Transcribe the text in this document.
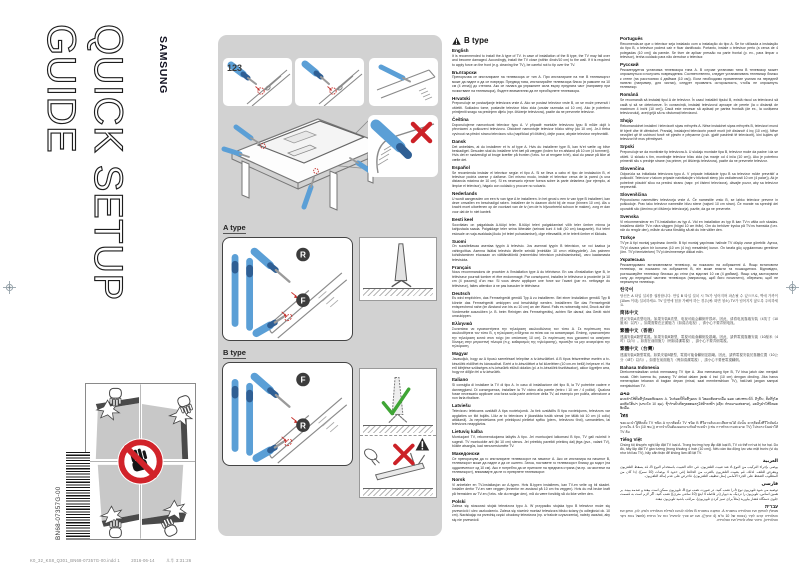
QUICK SETUP
GUIDE	SAMSUNG	123
A type
R
F
B type
F
R
BN68-07357G-00
B type
English
It is recommended to install the A type of TV. In case of installation of the B type, the TV may fall over and become damaged. Accordingly, install the TV close (within 4inch/10 cm) to the wall. If it is required to apply force on the front (e.g. cleaning the TV), be careful not to tip over the TV.
Български
Препоръчва се инсталиране на телевизора от тип A. При инсталиране на тип B телевизорът може да падне и да се повреди. Предвид това, инсталирайте телевизора близо (в рамките на 10 см (4 инча)) до стената. Ако се налага да упражните сила върху предната част (например при почистване на телевизора), бъдете внимателни да не преобърнете телевизора.
Hrvatski
Preporučuje se postavljanje televizora vrste A. Ako se postavi televizor vrste B, on se može prevrnuti i oštetiti. Sukladno tome, postavite televizor blizu zida (unutar razmaka od 10 cm). Ako je potrebno primijeniti snagu na prednjem dijelu (npr. čišćenje televizora), pazite da ne prevrnete televizor.
Čeština
Doporučujeme namontovat televizor typu A. V případě montáže televizoru typu B může dojít k převrácení a poškození televizoru. Obdobně namontujte televizor blízko stěny (do 10 cm). Je-li třeba vyvinout na přední stranu televizoru sílu (například při čištění), dejte pozor, abyste televizor nepřevrátili.
Dansk
Det anbefales, at du installerer et tv af type A. Hvis du installerer type B, kan tv'et vælte og blive beskadiget. Desuden skal du installere tv'et tæt på væggen (inden for en afstand på 10 cm (4 tommer)). Hvis det er nødvendigt at bruge kræfter på fronten (f.eks. for at rengøre tv'et), skal du passe på ikke at vælte det.
Español
Se recomienda instalar el televisor según el tipo A. Si se lleva a cabo el tipo de instalación B, el televisor podría caerse y dañarse. Del mismo modo, instale el televisor cerca de la pared (a una distancia máxima de 10 cm). Si es necesario ejercer fuerza sobre la parte delantera (por ejemplo, al limpiar el televisor), hágalo con cuidado y procure no volcarlo.
Nederlands
U wordt aangeraden om een tv van type A te installeren. In het geval u een tv van type B installeert, kan deze omvallen en beschadigd raken. Installeer de tv daarom dicht bij de muur (binnen 10 cm). Als u kracht moet uitoefenen op de voorkant van de tv (om de tv bijvoorbeeld schoon te maken), zorg er dan voor dat de tv niet kantelt.
Eesti keel
Soovitatav on paigaldada A-tüüpi teler. B-tüüpi teleri paigaldamisel võib teler ümber minna ja kahjustada saada. Paigaldage teler seina lähedale (seinast kuni 4 tolli (10 cm) kaugusele). Kui teleri esiosale on vaja avaldada jõudu (nt teleri puhastamisel), olge ettevaatlik, et te telerit ümber ei lükkaks.
Suomi
On suositeltavaa asentaa tyypin A televisio. Jos asennat tyypin B television, se voi kaatua ja vahingoittua. Asenna lisäksi televisio lähelle seinää (enintään 10 cm:n etäisyydelle). Jos paineen kohdistaminen etuosaan on välttämätöntä (esimerkiksi television puhdistamiseksi), varo kaatamasta televisiota.
Français
Nous recommandons de procéder à l'installation type A du téléviseur. En cas d'installation type B, le téléviseur pourrait tomber et être endommagé. Par conséquent, installez le téléviseur à proximité (à 10 cm (4 pouces)) d'un mur. Si vous devez appliquer une force sur l'avant (par ex. nettoyage du téléviseur), faites attention à ne pas basculer le téléviseur.
Deutsch
Es wird empfohlen, das Fernsehgerät gemäß Typ A zu installieren. Bei einer Installation gemäß Typ B könnte das Fernsehgerät umkippen und beschädigt werden. Installieren Sie das Fernsehgerät entsprechend nahe (im Abstand von bis zu 10 cm) an der Wand. Falls es notwendig wird, Druck auf die Vorderseite auszuüben (z. B. beim Reinigen des Fernsehgeräts), achten Sie darauf, das Gerät nicht umzukippen.
Ελληνικά
Συνιστάται να εγκαταστήσετε την τηλεόραση ακολουθώντας τον τύπο A. Σε περίπτωση που ακολουθήσετε τον τύπο B, η τηλεόραση ενδέχεται να πέσει και να καταστραφεί. Επίσης, εγκαταστήστε την τηλεόραση κοντά στον τοίχο (σε απόσταση 10 cm). Σε περίπτωση που χρειαστεί να ασκήσετε δύναμη στην μπροστινή πλευρά (π.χ. καθαρισμός της τηλεόρασης), προσέξτε να μην ανατρέψετε την τηλεόραση.
Magyar
Javasoljuk, hogy az A típusú szereléssel telepítse a tv-készüléket. A B típus felszerelése esetén a tv-készülék eldőlhet és károsodhat. Ezért a tv-készüléket a fal közelében (10 cm-en belül) helyezze el. Ha erő kifejtése szükséges a tv-készülék elülső oldalán (pl. a tv-készülék tisztításakor), akkor ügyeljen arra, hogy ne dőljön fel a tv-készülék.
Italiano
Si consiglia di installare la TV di tipo A. In caso di installazione del tipo B, la TV potrebbe cadere e danneggiarsi. Di conseguenza, installare la TV vicino alla parete (entro i 10 cm / 4 pollici). Qualora fosse necessario applicare una forza sulla parte anteriore della TV, ad esempio per pulirla, attenzione a non farla ribaltare.
Latviešu
Televizoru ieteicams uzstādīt A tipa novietojumā. Ja tiek uzstādīts B tipa novietojums, televizors var apgāzties un tikt bojāts. Līdz ar to televizors ir jāuzstāda tuvāk sienai (ne tālāk kā 10 cm (4 collu) attālumā). Ja nepieciešams pret priekšpusi pielietot spēku (piem., televizoru tīrot), uzmanieties, lai televizors neapgāztos.
Lietuvių kalba
Montuojant TV, rekomenduojama laikytis A tipo. Jei montuojant laikomasi B tipo, TV gali nukristi ir sugesti. TV montuokite arti (iki 10 cm) sienos. Jei prireiktų paveikti priekinę dalį jėga (pvz., valant TV), būkite atsargūs, kad nenuverstumėte TV.
Македонски
Се препорачува да го инсталирате телевизорот на начинот A. Ако се инсталира на начинот B, телевизорот може да падне и да се оштети. Затоа, поставете го телевизорот блиску до ѕидот (на оддалеченост од 10 см). Ако е потребно да се притисне на предната страна (на пр. за чистење на телевизорот), внимавајте да не го преврнете телевизорот.
Norsk
Vi anbefaler en TV-installasjon av A-typen. Hvis B-typen installeres, kan TV-en velte og bli skadet. Installer derfor TV-en nær veggen (innenfor en avstand på 10 cm fra veggen). Hvis du må bruke kraft på fremsiden av TV-en (f.eks. når du rengjør den), må du være forsiktig så du ikke velter den.
Polski
Zaleca się stosować stojak telewizora typu A. W przypadku stojaka typu B telewizor może się przewrócić i ulec uszkodzeniu. Zaleca się również montaż telewizora blisko ściany (w odległości ok. 10 cm). Naciskając na przednią część obudowy telewizora (np. w trakcie czyszczenia), należy uważać, aby się nie przewrócił.
Português
Recomenda-se que o televisor seja instalado com a instalação do tipo A. Se for utilizada a instalação do tipo B, o televisor poderá cair e ficar danificado. Portanto, instale o televisor perto (a cerca de 4 polegadas (10 cm)) da parede. Se tiver de aplicar pressão na parte frontal (p. ex., para limpar o televisor), tenha cuidado para não derrubar o televisor.
Русский
Рекомендуется установка телевизора типа A. В случае установки типа B телевизор может опрокинуться и получить повреждения. Соответственно, следует устанавливать телевизор близко к стене (на расстоянии 4 дюймов (10 см)). Если необходимо применение усилия на передней панели (например, для чистки), следует проявлять осторожность, чтобы не опрокинуть телевизор.
Română
Se recomandă să instalați tipul A de televizor. În cazul instalării tipului B, există riscul ca televizorul să cadă și să se deterioreze. În consecință, instalați televizorul aproape de perete (la o distanță de maximum 4 inchi (10 cm)). Dacă este necesar să apăsați pe partea frontală (de ex., la curățarea televizorului), aveți grijă să nu răsturnați televizorul.
Shqip
Rekomandohet instalimi i televizorit sipas mënyrës A. Nëse instalohet sipas mënyrës B, televizori mund të bjerë dhe të dëmtohet. Prandaj, instalojeni televizorin pranë murit (në distancë 4 inç (10 cm)). Nëse nevojitet që të ushtroni forcë në pjesën e përparme (p.sh. gjatë pastrimit të televizorit), kini kujdes që televizori të mos përmbyset.
Srpski
Preporučuje se da montirate tip televizora A. U slučaju montaže tipa B, televizor može da padne i da se ošteti. U skladu s tim, montirajte televizor blizu zida (na manje od 4 inča (10 cm)). Ako je potrebno primeniti silu s prednje strane (na primer, pri čišćenju televizora), pazite da ne prevrnete televizor.
Slovenčina
Odporúča sa inštalácia televízora typu A. V prípade inštalácie typu B sa televízor môže prevrátiť a poškodiť. Televízor v takom prípade nainštalujte v blízkosti steny (do vzdialenosti 10 cm (4 palce)). Ak je potrebné pôsobiť silou na prednú stranu (napr. pri čistení televízora), dávajte pozor, aby sa televízor neprevrátil.
Slovenščina
Priporočamo namestitev televizorja vrste A. Če namestite vrsto B, se lahko televizor prevrne in poškoduje. Prav tako televizor namestite blizu stene (največ 10 cm stran). Če morate na sprednji del uporabiti silo (denimo pri čiščenju televizorja), pazite, da ga ne prevrnete.
Svenska
Vi rekommenderar en TV-installation av typ A. Vid en installation av typ B kan TV:n välta och skadas. Installera därför TV:n nära väggen (högst 10 cm ifrån). Om du behöver trycka på TV:ns framsida (t.ex. när du rengör den), måste du vara försiktig så att du inte välter den.
Türkçe
TV'ye A tipi montaj yapılması önerilir. B tipi montaj yapılması halinde TV düşüp zarar görebilir. Ayrıca, TV'yi duvara yakın bir konuma (10 cm (4 inç) mesafede) kurun. Ön tarafa güç uygulanması gerekirse (örn. TV'yi temizlerken) TV'yi devirmemeye dikkat edin.
Українська
Рекомендовано встановлювати телевізор, як показано на зображенні A. Якщо встановити телевізор, як показано на зображенні B, він може впасти та пошкодитися. Відповідно, розташовуйте телевізор близько до стіни (на відстані 10 см (4 дюйми)). Якщо слід застосувати силу до передньої частини телевізора (наприклад, щоб його почистити), обережно, щоб не перекинути телевізор.
한국어
당신은 A 타입 설치를 권장합니다. 만일 B 타입 설치 시 TV가 넘어지며 파손될 수 있으므로, 벽에 가까이(10cm 이내) 설치하세요. TV 앞면에 힘을 가해야 하는 경우(예: 화면 청소) TV가 넘어지지 않도록 주의하세요.
简体中文
建议安装A类型电视。如果安装B类型，电视可能会翻倒并损坏。因此，请将电视靠墙安装（4英寸（10厘米）以内）。如果需要在正面施力（如清洁电视），请小心不要弄倒电视。
繁體中文（香港）
建議安裝A類型電視。如果安裝B類型，電視可能會翻倒及損壞。因此，請將電視靠牆安裝（10厘米（4吋）以內）。如需在前面施力（例如清潔電視），請小心不要弄倒電視。
繁體中文（台灣）
建議安裝A類型電視。如果安裝B類型，電視可能會翻倒並損壞。因此，請將電視安裝於靠牆位置（10公分（4吋）以內）。如需在前面施力（例如清潔電視），請小心不要使電視翻倒。
Bahasa Indonesia
Direkomendasikan untuk memasang TV tipe A. Jika memasang tipe B, TV bisa jatuh dan menjadi rusak. Oleh karena itu, pasang TV dekat dalam jarak 4 inci (10 cm) dengan dinding. Jika harus menerapkan tekanan di bagian depan (misal, saat membersihkan TV), hati-hati jangan sampai menjatuhkan TV.
ລາວ
ແນະນຳໃຫ້ຕິດຕັ້ງໂທລະທັດແບບ A. ໃນກໍລະນີຕິດຕັ້ງແບບ B ໂທລະທັດອາດລົ້ມ ແລະ ເສຍຫາຍໄດ້. ດັ່ງນັ້ນ, ຕິດຕັ້ງໂທລະທັດໃກ້ຝາ (ພາຍໃນ 10 ຊມ). ຖ້າຈຳເປັນຕ້ອງອອກແຮງໃສ່ດ້ານໜ້າ (ເຊັ່ນ: ທຳຄວາມສະອາດ), ລະວັງຢ່າໃຫ້ໂທລະທັດລົ້ມ.
ไทย
ขอแนะนำให้ติดตั้ง TV ชนิด A หากติดตั้ง TV ชนิด B ทีวีอาจล้มและเสียหายได้ ดังนั้น ควรติดตั้งทีวีใกล้ผนัง (ภายใน 4 นิ้ว (10 ซม.)) หากจำเป็นต้องออกแรงกับด้านหน้า (เช่น การทำความสะอาด TV) โปรดระวังอย่าให้ TV ล้ม
Tiếng Việt
Chúng tôi khuyến nghị lắp đặt TV loại A. Trong trường hợp lắp đặt loại B, TV có thể rơi và bị hư hại. Do đó, hãy lắp đặt TV gần tường (trong khoảng 4 inch (10 cm)). Nếu cần tác động lực vào mặt trước (ví dụ như khi lau TV), hãy cẩn thận để không làm đổ lật TV.
العربية
يوصى بإجراء التركيب من النوع A عند تثبيت التلفزيون. في حالة التثبيت باستخدام النوع B، قد يسقط التلفزيون ويتعرض للتلف. لذلك، قم بتثبيت التلفزيون بالقرب من الحائط (في حدود 4 بوصات (10 سم)). إذا كان من المطلوب الضغط على الجزء الأمامي (مثل تنظيف التلفزيون)، فاحرص على عدم إمالة التلفزيون.
فارسی
توصیه می شود تلویزیون نوع A را نصب کنید. در صورت نصب نوع B، تلویزیون ممکن است بیفتد و صدمه ببیند. بر همین اساس، تلویزیون را نزدیک به دیوار (در فاصله 4 اینچ (10 سانتی متری)) نصب کنید. اگر لازم است به قسمت جلوی دستگاه فشار بیاورید (مثلاً برای تمیز کردن تلویزیون)، مراقب باشید تلویزیون نیفتد.
עברית
מומלץ להתקין את הטלוויזיה בתצורת A. התקנה בתצורת B עלולה לגרום לנפילת הטלוויזיה ולנזק. לכן, התקן את הטלוויזיה קרוב לקיר (בטווח של 10 ס"מ (4 אינץ')). אם יש צורך להפעיל כוח על החזית (למשל בעת ניקוי הטלוויזיה), היזהר שלא להפיל את הטלוויזיה.
K0_32_KS8_Q301_BN68-07357G-00.indd 1	2016-06-14	오후 3:31:26
